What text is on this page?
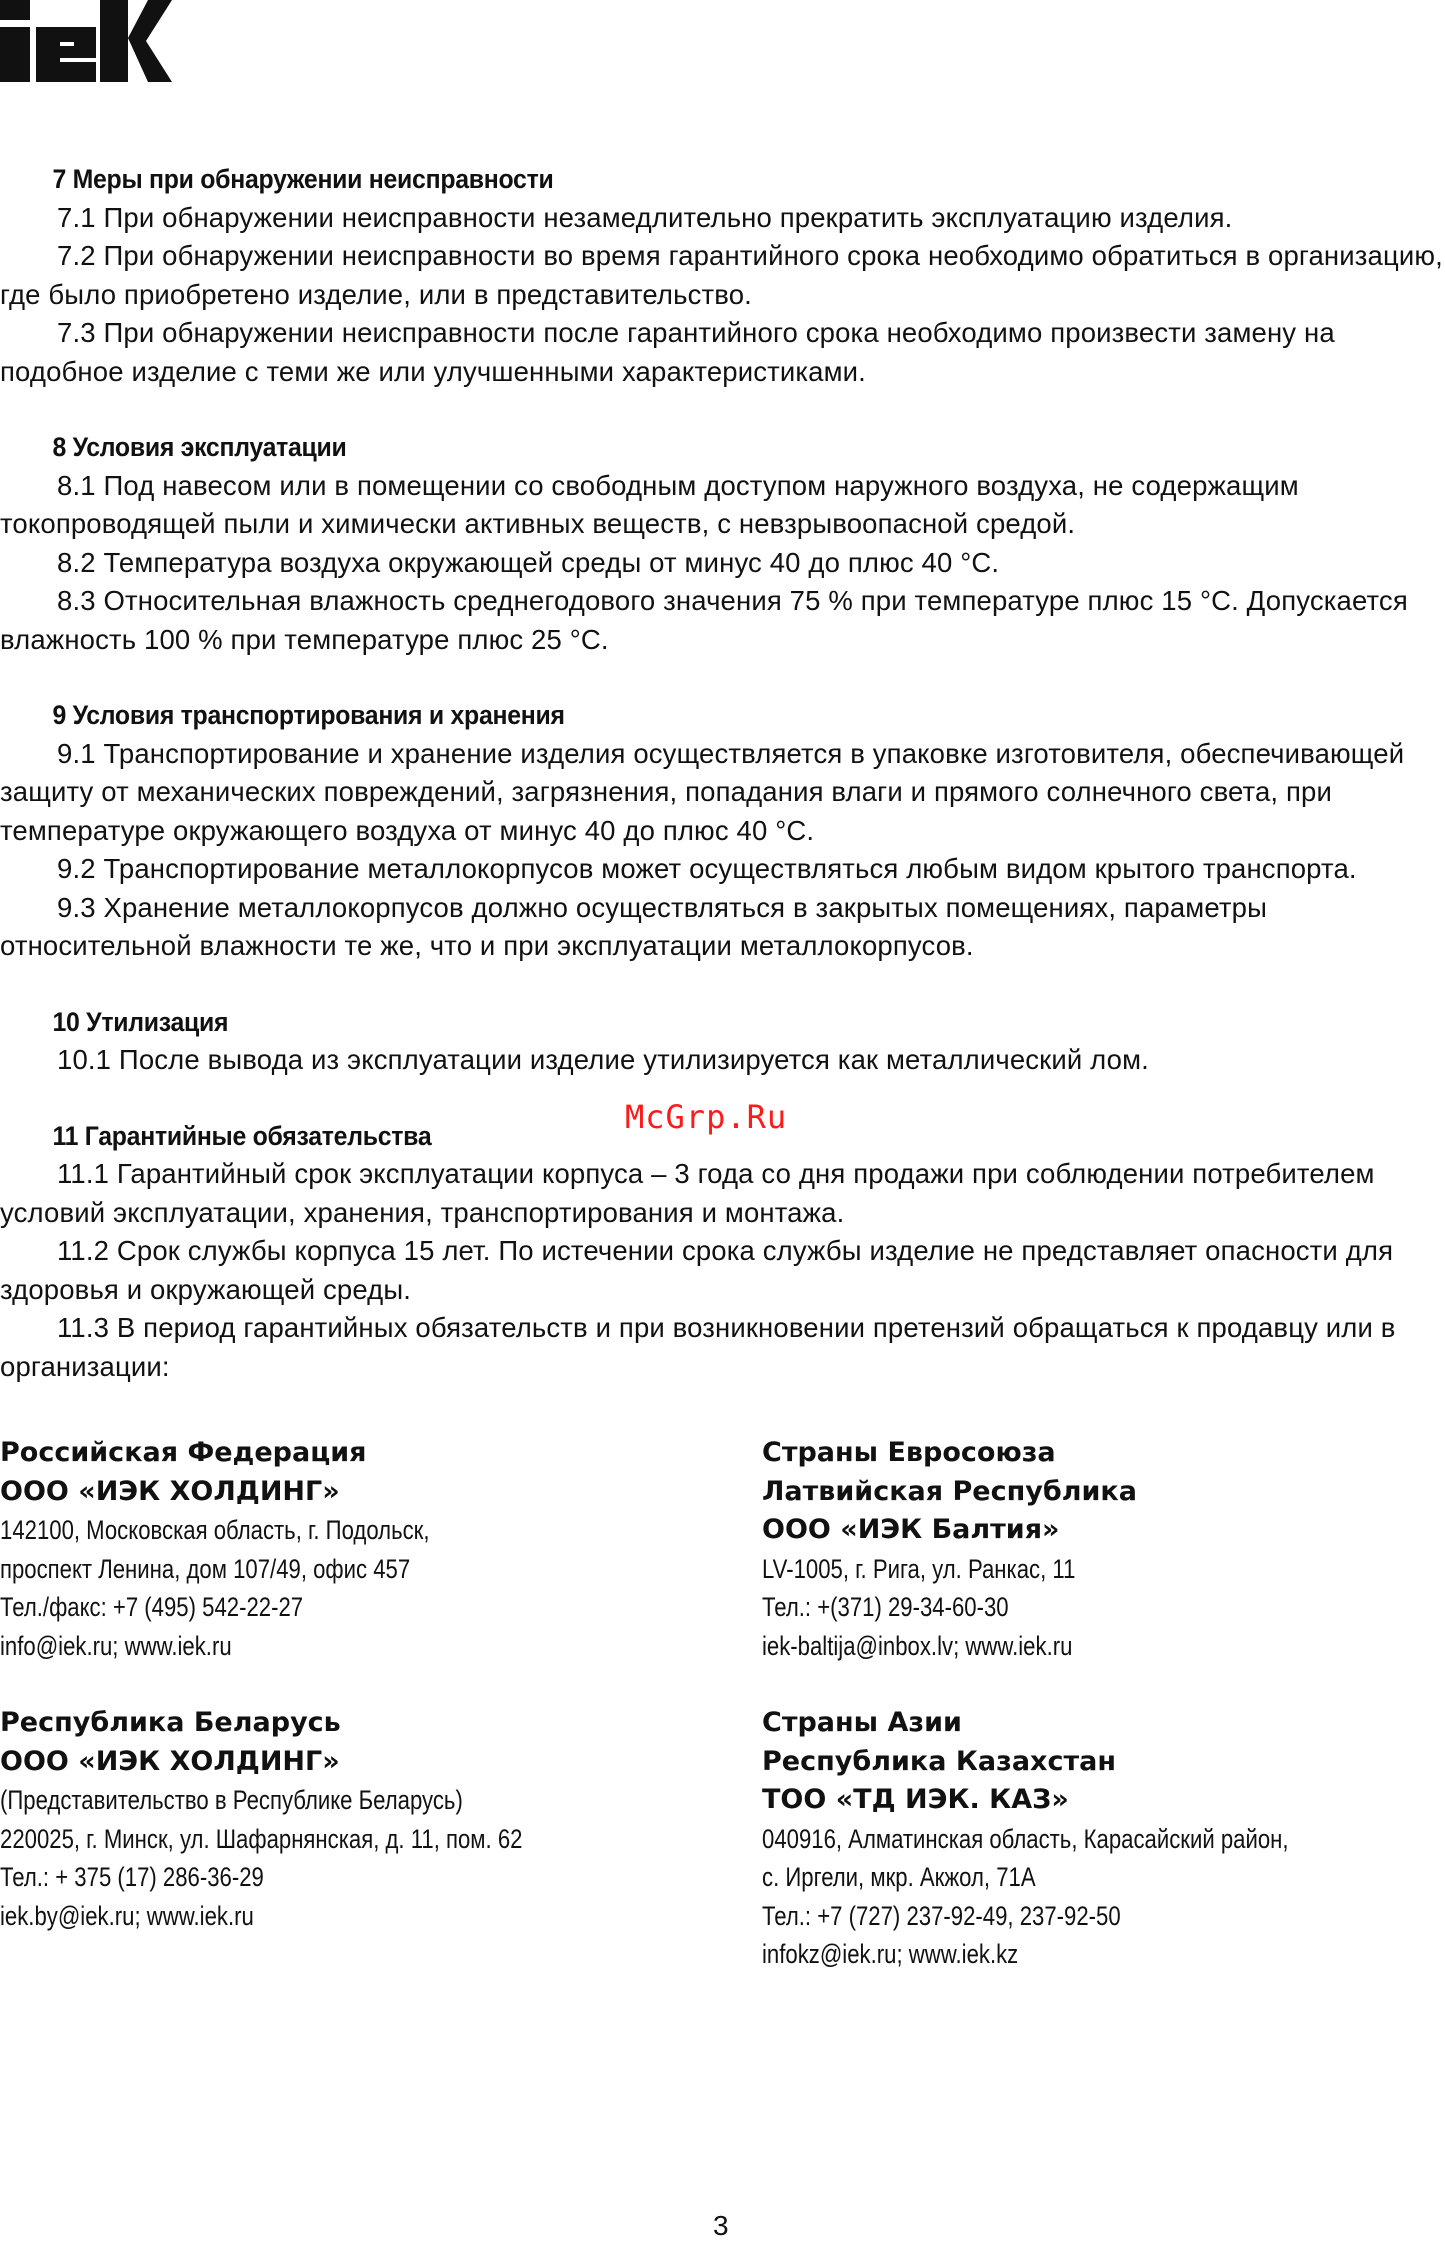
7 Меры при обнаружении неисправности

7.1 При обнаружении неисправности незамедлительно прекратить эксплуатацию изделия.

7.2 При обнаружении неисправности во время гарантийного срока необходимо обратиться в организацию, где было приобретено изделие, или в представительство.

7.3 При обнаружении неисправности после гарантийного срока необходимо произвести замену на подобное изделие с теми же или улучшенными характеристиками.

8 Условия эксплуатации

8.1 Под навесом или в помещении со свободным доступом наружного воздуха, не содержащим токопроводящей пыли и химически активных веществ, с невзрывоопасной средой.

8.2 Температура воздуха окружающей среды от минус 40 до плюс 40 °C.

8.3 Относительная влажность среднегодового значения 75 % при температуре плюс 15 °C. Допускается влажность 100 % при температуре плюс 25 °C.

9 Условия транспортирования и хранения

9.1 Транспортирование и хранение изделия осуществляется в упаковке изготовителя, обеспечивающей защиту от механических повреждений, загрязнения, попадания влаги и прямого солнечного света, при температуре окружающего воздуха от минус 40 до плюс 40 °C.

9.2 Транспортирование металлокорпусов может осуществляться любым видом крытого транспорта.

9.3 Хранение металлокорпусов должно осуществляться в закрытых помещениях, параметры относительной влажности те же, что и при эксплуатации металлокорпусов.

10 Утилизация

10.1 После вывода из эксплуатации изделие утилизируется как металлический лом.

11 Гарантийные обязательства

11.1 Гарантийный срок эксплуатации корпуса – 3 года со дня продажи при соблюдении потребителем условий эксплуатации, хранения, транспортирования и монтажа.

11.2 Срок службы корпуса 15 лет. По истечении срока службы изделие не представляет опасности для здоровья и окружающей среды.

11.3 В период гарантийных обязательств и при возникновении претензий обращаться к продавцу или в организации:

Российская Федерация
ООО «ИЭК ХОЛДИНГ»
142100, Московская область, г. Подольск,
проспект Ленина, дом 107/49, офис 457
Тел./факс: +7 (495) 542-22-27
info@iek.ru; www.iek.ru
Республика Беларусь
ООО «ИЭК ХОЛДИНГ»
(Представительство в Республике Беларусь)
220025, г. Минск, ул. Шафарнянская, д. 11, пом. 62
Тел.: + 375 (17) 286-36-29
iek.by@iek.ru; www.iek.ru
Страны Евросоюза
Латвийская Республика
ООО «ИЭК Балтия»
LV-1005, г. Рига, ул. Ранкас, 11
Тел.: +(371) 29-34-60-30
iek-baltija@inbox.lv; www.iek.ru
Страны Азии
Республика Казахстан
ТОО «ТД ИЭК. КАЗ»
040916, Алматинская область, Карасайский район,
с. Иргели, мкр. Акжол, 71А
Тел.: +7 (727) 237-92-49, 237-92-50
infokz@iek.ru; www.iek.kz
McGrp.Ru
3
